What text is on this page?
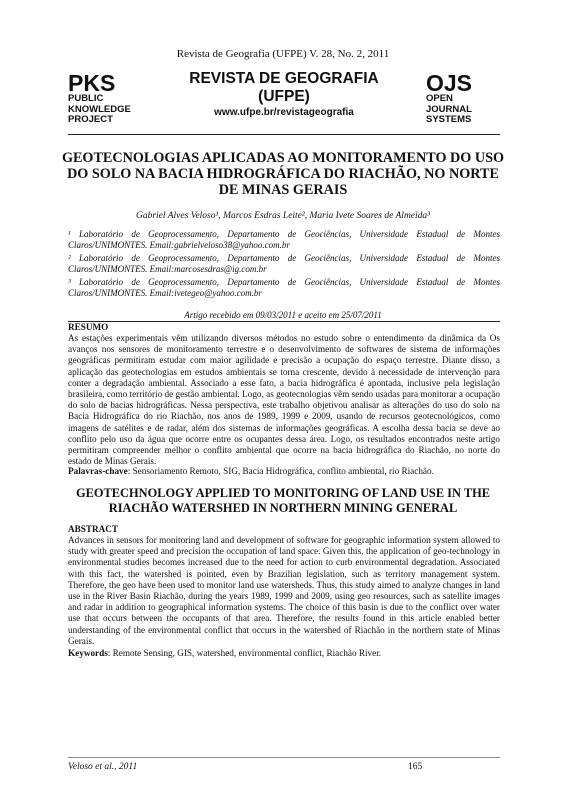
Revista de Geografia (UFPE) V. 28, No. 2, 2011
PKS
PUBLIC
KNOWLEDGE
PROJECT
REVISTA DE GEOGRAFIA
(UFPE)
www.ufpe.br/revistageografia
OJS
OPEN
JOURNAL
SYSTEMS
GEOTECNOLOGIAS APLICADAS AO MONITORAMENTO DO USO DO SOLO NA BACIA HIDROGRÁFICA DO RIACHÃO, NO NORTE DE MINAS GERAIS
Gabriel Alves Veloso¹, Marcos Esdras Leite², Maria Ivete Soares de Almeida³
¹ Laboratório de Geoprocessamento, Departamento de Geociências, Universidade Estadual de Montes Claros/UNIMONTES. Email:gabrielveloso38@yahoo.com.br
² Laboratório de Geoprocessamento, Departamento de Geociências, Universidade Estadual de Montes Claros/UNIMONTES. Email:marcosesdras@ig.com.br
³ Laboratório de Geoprocessamento, Departamento de Geociências, Universidade Estadual de Montes Claros/UNIMONTES. Email:ivetegeo@yahoo.com.br
Artigo recebido em 09/03/2011 e aceito em 25/07/2011
RESUMO
As estações experimentais vêm utilizando diversos métodos no estudo sobre o entendimento da dinâmica da Os avanços nos sensores de monitoramento terrestre e o desenvolvimento de softwares de sistema de informações geográficas permitiram estudar com maior agilidade e precisão a ocupação do espaço terrestre. Diante disso, a aplicação das geotecnologias em estudos ambientais se torna crescente, devido à necessidade de intervenção para conter a degradação ambiental. Associado a esse fato, a bacia hidrográfica é apontada, inclusive pela legislação brasileira, como território de gestão ambiental. Logo, as geotecnologias vêm sendo usadas para monitorar a ocupação do solo de bacias hidrográficas. Nessa perspectiva, este trabalho objetivou analisar as alterações do uso do solo na Bacia Hidrográfica do rio Riachão, nos anos de 1989, 1999 e 2009, usando de recursos geotecnológicos, como imagens de satélites e de radar, além dos sistemas de informações geográficas. A escolha dessa bacia se deve ao conflito pelo uso da água que ocorre entre os ocupantes dessa área. Logo, os resultados encontrados neste artigo permitiram compreender melhor o conflito ambiental que ocorre na bacia hidrográfica do Riachão, no norte do estado de Minas Gerais.
Palavras-chave: Sensoriamento Remoto, SIG, Bacia Hidrográfica, conflito ambiental, rio Riachão.
GEOTECHNOLOGY APPLIED TO MONITORING OF LAND USE IN THE RIACHÃO WATERSHED IN NORTHERN MINING GENERAL
ABSTRACT
Advances in sensors for monitoring land and development of software for geographic information system allowed to study with greater speed and precision the occupation of land space. Given this, the application of geo-technology in environmental studies becomes increased due to the need for action to curb environmental degradation. Associated with this fact, the watershed is pointed, even by Brazilian legislation, such as territory management system. Therefore, the geo have been used to monitor land use watersheds. Thus, this study aimed to analyze changes in land use in the River Basin Riachão, during the years 1989, 1999 and 2009, using geo resources, such as satellite images and radar in addition to geographical information systems. The choice of this basin is due to the conflict over water use that occurs between the occupants of that area. Therefore, the results found in this article enabled better understanding of the environmental conflict that occurs in the watershed of Riachão in the northern state of Minas Gerais.
Keywords: Remote Sensing, GIS, watershed, environmental conflict, Riachão River.
Veloso et al., 2011	165
